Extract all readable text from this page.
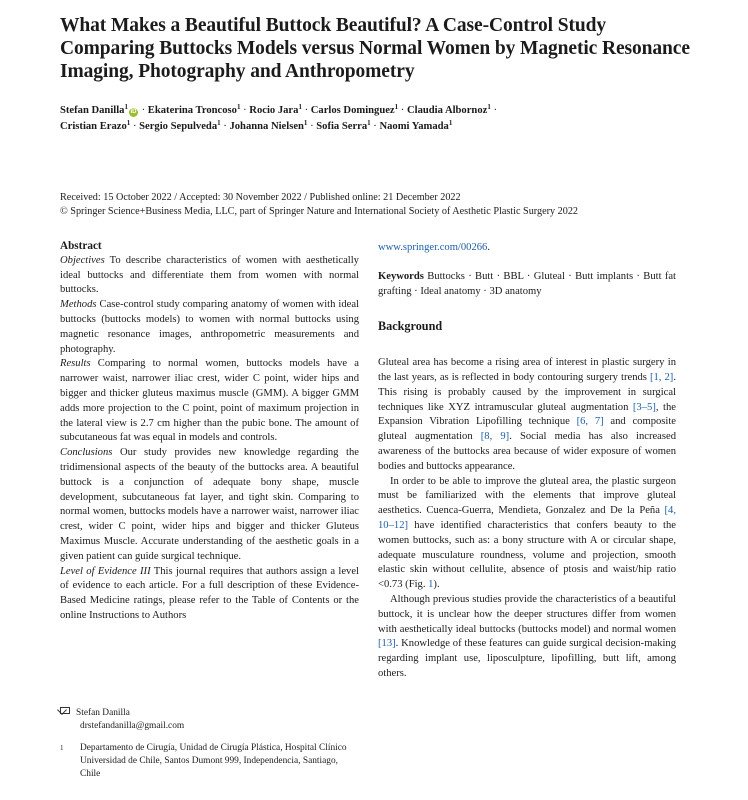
What Makes a Beautiful Buttock Beautiful? A Case-Control Study Comparing Buttocks Models versus Normal Women by Magnetic Resonance Imaging, Photography and Anthropometry
Stefan Danilla$^1$iD · Ekaterina Troncoso$^1$ · Rocio Jara$^1$ · Carlos Dominguez$^1$ · Claudia Albornoz$^1$ · Cristian Erazo$^1$ · Sergio Sepulveda$^1$ · Johanna Nielsen$^1$ · Sofia Serra$^1$ · Naomi Yamada$^1$
Received: 15 October 2022 / Accepted: 30 November 2022 / Published online: 21 December 2022
© Springer Science+Business Media, LLC, part of Springer Nature and International Society of Aesthetic Plastic Surgery 2022

Abstract

Objectives To describe characteristics of women with aesthetically ideal buttocks and differentiate them from women with normal buttocks.

Methods Case-control study comparing anatomy of women with ideal buttocks (buttocks models) to women with normal buttocks using magnetic resonance images, anthropometric measurements and photography.

Results Comparing to normal women, buttocks models have a narrower waist, narrower iliac crest, wider C point, wider hips and bigger and thicker gluteus maximus muscle (GMM). A bigger GMM adds more projection to the C point, point of maximum projection in the lateral view is 2.7 cm higher than the pubic bone. The amount of subcutaneous fat was equal in models and controls.

Conclusions Our study provides new knowledge regarding the tridimensional aspects of the beauty of the buttocks area. A beautiful buttock is a conjunction of adequate bony shape, muscle development, subcutaneous fat layer, and tight skin. Comparing to normal women, buttocks models have a narrower waist, narrower iliac crest, wider C point, wider hips and bigger and thicker Gluteus Maximus Muscle. Accurate understanding of the aesthetic goals in a given patient can guide surgical technique.

Level of Evidence III This journal requires that authors assign a level of evidence to each article. For a full description of these Evidence-Based Medicine ratings, please refer to the Table of Contents or the online Instructions to Authors

www.springer.com/00266.

Keywords Buttocks · Butt · BBL · Gluteal · Butt implants · Butt fat grafting · Ideal anatomy · 3D anatomy

Background

Gluteal area has become a rising area of interest in plastic surgery in the last years, as is reflected in body contouring surgery trends [1, 2]. This rising is probably caused by the improvement in surgical techniques like XYZ intramuscular gluteal augmentation [3–5], the Expansion Vibration Lipofilling technique [6, 7] and composite gluteal augmentation [8, 9]. Social media has also increased awareness of the buttocks area because of wider exposure of women bodies and buttocks appearance.

In order to be able to improve the gluteal area, the plastic surgeon must be familiarized with the elements that improve gluteal aesthetics. Cuenca-Guerra, Mendieta, Gonzalez and De la Peña [4, 10–12] have identified characteristics that confers beauty to the women buttocks, such as: a bony structure with A or circular shape, adequate musculature roundness, volume and projection, smooth elastic skin without cellulite, absence of ptosis and waist/hip ratio <0.73 (Fig. 1).

Although previous studies provide the characteristics of a beautiful buttock, it is unclear how the deeper structures differ from women with aesthetically ideal buttocks (buttocks model) and normal women [13]. Knowledge of these features can guide surgical decision-making regarding implant use, liposculpture, lipofilling, butt lift, among others.

Stefan Danilla
drstefandanilla@gmail.com
1 Departamento de Cirugía, Unidad de Cirugía Plástica, Hospital Clínico Universidad de Chile, Santos Dumont 999, Independencia, Santiago, Chile
